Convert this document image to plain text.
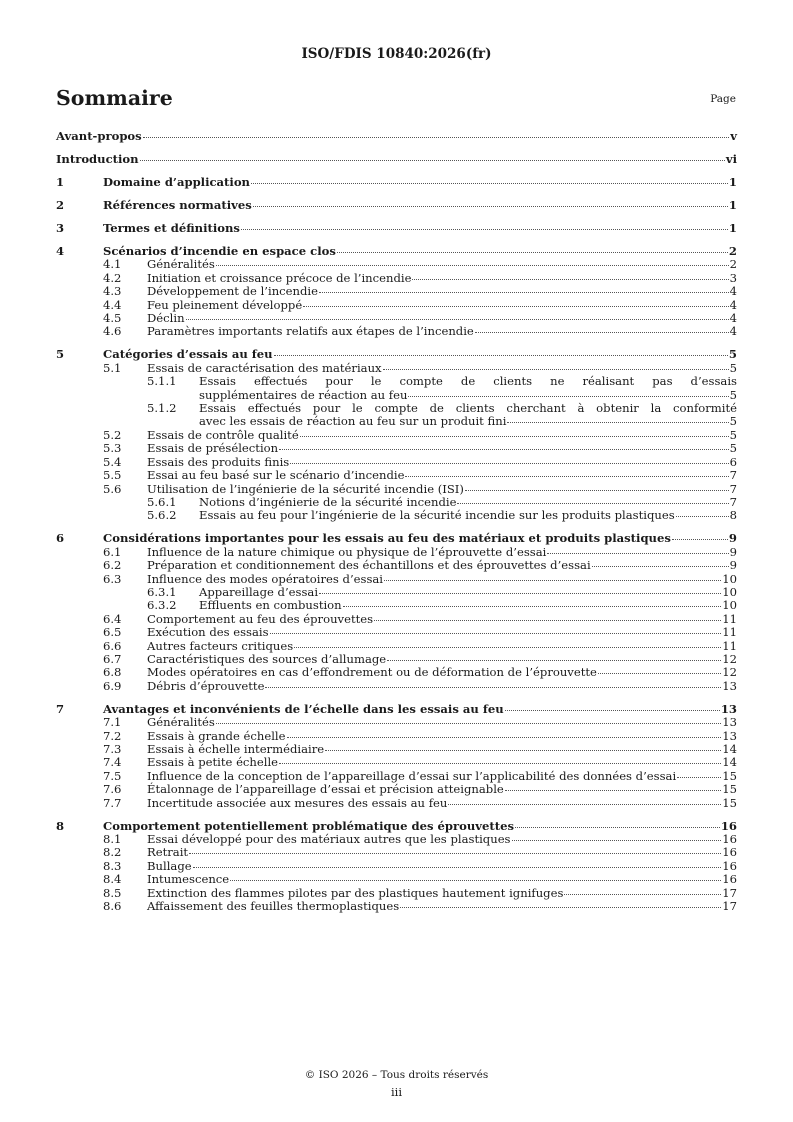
ISO/FDIS 10840:2026(fr)
Sommaire	Page
Avant-propos	v
Introduction	vi
1	Domaine d’application	1
2	Références normatives	1
3	Termes et définitions	1
4	Scénarios d’incendie en espace clos	2
4.1	Généralités	2
4.2	Initiation et croissance précoce de l’incendie	3
4.3	Développement de l’incendie	4
4.4	Feu pleinement développé	4
4.5	Déclin	4
4.6	Paramètres importants relatifs aux étapes de l’incendie	4
5	Catégories d’essais au feu	5
5.1	Essais de caractérisation des matériaux	5
5.1.1 Essais effectués pour le compte de clients ne réalisant pas d’essais
supplémentaires de réaction au feu	5
5.1.2 Essais effectués pour le compte de clients cherchant à obtenir la conformité
avec les essais de réaction au feu sur un produit fini	5
5.2	Essais de contrôle qualité	5
5.3	Essais de présélection	5
5.4	Essais des produits finis	6
5.5	Essai au feu basé sur le scénario d’incendie	7
5.6	Utilisation de l’ingénierie de la sécurité incendie (ISI)	7
5.6.1	Notions d’ingénierie de la sécurité incendie	7
5.6.2	Essais au feu pour l’ingénierie de la sécurité incendie sur les produits plastiques	8
6	Considérations importantes pour les essais au feu des matériaux et produits plastiques	9
6.1	Influence de la nature chimique ou physique de l’éprouvette d’essai	9
6.2	Préparation et conditionnement des échantillons et des éprouvettes d’essai	9
6.3	Influence des modes opératoires d’essai	10
6.3.1	Appareillage d’essai	10
6.3.2	Effluents en combustion	10
6.4	Comportement au feu des éprouvettes	11
6.5	Exécution des essais	11
6.6	Autres facteurs critiques	11
6.7	Caractéristiques des sources d’allumage	12
6.8	Modes opératoires en cas d’effondrement ou de déformation de l’éprouvette	12
6.9	Débris d’éprouvette	13
7	Avantages et inconvénients de l’échelle dans les essais au feu	13
7.1	Généralités	13
7.2	Essais à grande échelle	13
7.3	Essais à échelle intermédiaire	14
7.4	Essais à petite échelle	14
7.5	Influence de la conception de l’appareillage d’essai sur l’applicabilité des données d’essai	15
7.6	Étalonnage de l’appareillage d’essai et précision atteignable	15
7.7	Incertitude associée aux mesures des essais au feu	15
8	Comportement potentiellement problématique des éprouvettes	16
8.1	Essai développé pour des matériaux autres que les plastiques	16
8.2	Retrait	16
8.3	Bullage	16
8.4	Intumescence	16
8.5	Extinction des flammes pilotes par des plastiques hautement ignifuges	17
8.6	Affaissement des feuilles thermoplastiques	17
© ISO 2026 – Tous droits réservés
iii
